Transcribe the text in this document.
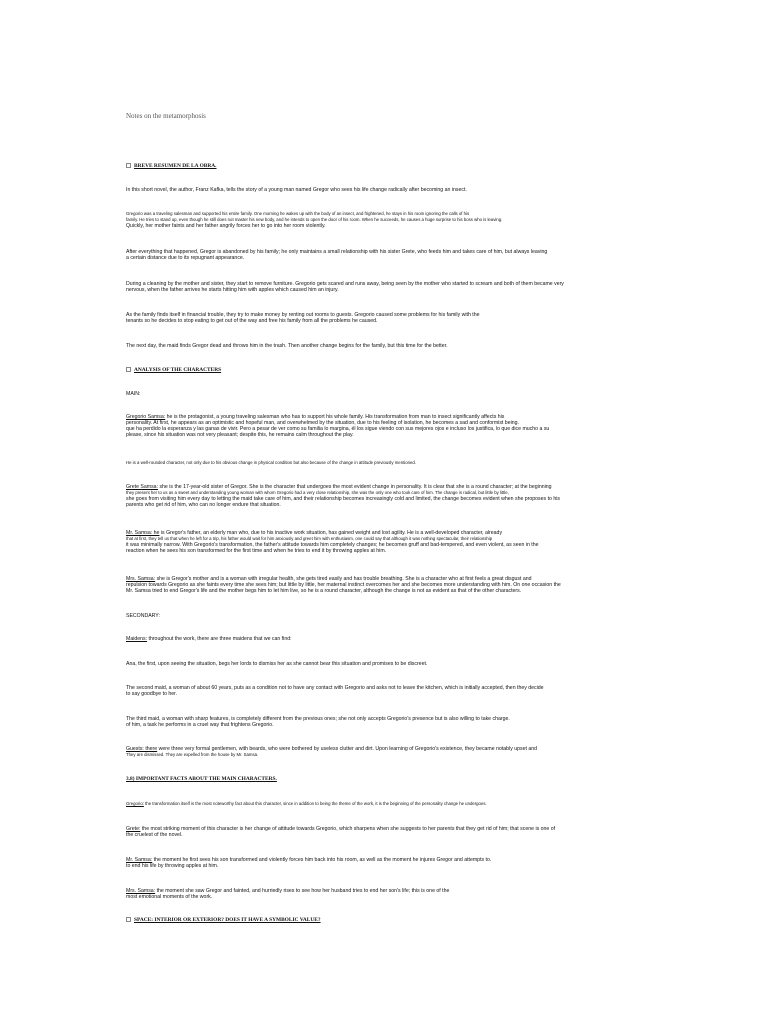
Notes on the metamorphosis
BREVE RESUMEN DE LA OBRA.
In this short novel, the author, Franz Kafka, tells the story of a young man named Gregor who sees his life change radically after becoming an insect.
Gregorio was a traveling salesman and supported his entire family. One morning he wakes up with the body of an insect, and frightened, he stays in his room ignoring the calls of his
family. He tries to stand up, even though he still does not master his new body, and he intends to open the door of his room. When he succeeds, he causes a huge surprise to his boss who is leaving.
Quickly, her mother faints and her father angrily forces her to go into her room violently.
After everything that happened, Gregor is abandoned by his family; he only maintains a small relationship with his sister Grete, who feeds him and takes care of him, but always leaving
a certain distance due to its repugnant appearance.
During a cleaning by the mother and sister, they start to remove furniture. Gregorio gets scared and runs away, being seen by the mother who started to scream and both of them became very
nervous, when the father arrives he starts hitting him with apples which caused him an injury.
As the family finds itself in financial trouble, they try to make money by renting out rooms to guests. Gregorio caused some problems for his family with the
tenants so he decides to stop eating to get out of the way and free his family from all the problems he caused.
The next day, the maid finds Gregor dead and throws him in the trash. Then another change begins for the family, but this time for the better.
ANALYSIS OF THE CHARACTERS
MAIN:
Gregorio Samsa: he is the protagonist, a young traveling salesman who has to support his whole family. His transformation from man to insect significantly affects his
personality. At first, he appears as an optimistic and hopeful man, and overwhelmed by the situation, due to his feeling of isolation, he becomes a sad and conformist being.
que ha perdido la esperanza y las ganas de vivir. Pero a pesar de ver como su familia lo margina, él los sigue viendo con sus mejores ojos e incluso los justifica, lo que dice mucho a su
please, since his situation was not very pleasant; despite this, he remains calm throughout the play.
He is a well-rounded character, not only due to his obvious change in physical condition but also because of the change in attitude previously mentioned.
Grete Samsa: she is the 17-year-old sister of Gregor. She is the character that undergoes the most evident change in personality. It is clear that she is a round character; at the beginning
they present her to us as a sweet and understanding young woman with whom Gregorio had a very close relationship, she was the only one who took care of him. The change is radical, but little by little,
she goes from visiting him every day to letting the maid take care of him, and their relationship becomes increasingly cold and limited, the change becomes evident when she proposes to his
parents who get rid of him, who can no longer endure that situation.
Mr. Samsa: he is Gregor's father, an elderly man who, due to his inactive work situation, has gained weight and lost agility. He is a well-developed character, already
that at first, they tell us that when he left for a trip, his father would wait for him anxiously and greet him with enthusiasm, one could say that although it was nothing spectacular, their relationship
it was minimally narrow. With Gregorio's transformation, the father's attitude towards him completely changes; he becomes gruff and bad-tempered, and even violent, as seen in the
reaction when he sees his son transformed for the first time and when he tries to end it by throwing apples at him.
Mrs. Samsa: she is Gregor's mother and is a woman with irregular health, she gets tired easily and has trouble breathing. She is a character who at first feels a great disgust and
repulsion towards Gregorio as she faints every time she sees him; but little by little, her maternal instinct overcomes her and she becomes more understanding with him. On one occasion the
Mr. Samsa tried to end Gregor's life and the mother begs him to let him live, so he is a round character, although the change is not as evident as that of the other characters.
SECONDARY:
Maidens: throughout the work, there are three maidens that we can find:
Ana, the first, upon seeing the situation, begs her lords to dismiss her as she cannot bear this situation and promises to be discreet.
The second maid, a woman of about 60 years, puts as a condition not to have any contact with Gregorio and asks not to leave the kitchen, which is initially accepted, then they decide
to say goodbye to her.
The third maid, a woman with sharp features, is completely different from the previous ones; she not only accepts Gregorio's presence but is also willing to take charge.
of him, a task he performs in a cruel way that frightens Gregorio.
Guests: there were three very formal gentlemen, with beards, who were bothered by useless clutter and dirt. Upon learning of Gregorio's existence, they became notably upset and
They are dismissed. They are expelled from the house by Mr. Samsa.
3.8) IMPORTANT FACTS ABOUT THE MAIN CHARACTERS.
Gregorio: the transformation itself is the most noteworthy fact about this character, since in addition to being the theme of the work, it is the beginning of the personality change he undergoes.
Grete: the most striking moment of this character is her change of attitude towards Gregorio, which sharpens when she suggests to her parents that they get rid of him; that scene is one of
the cruelest of the novel.
Mr. Samsa: the moment he first sees his son transformed and violently forces him back into his room, as well as the moment he injures Gregor and attempts to.
to end his life by throwing apples at him.
Mrs. Samsa: the moment she saw Gregor and fainted, and hurriedly rises to see how her husband tries to end her son's life; this is one of the
most emotional moments of the work.
SPACE: INTERIOR OR EXTERIOR? DOES IT HAVE A SYMBOLIC VALUE?
